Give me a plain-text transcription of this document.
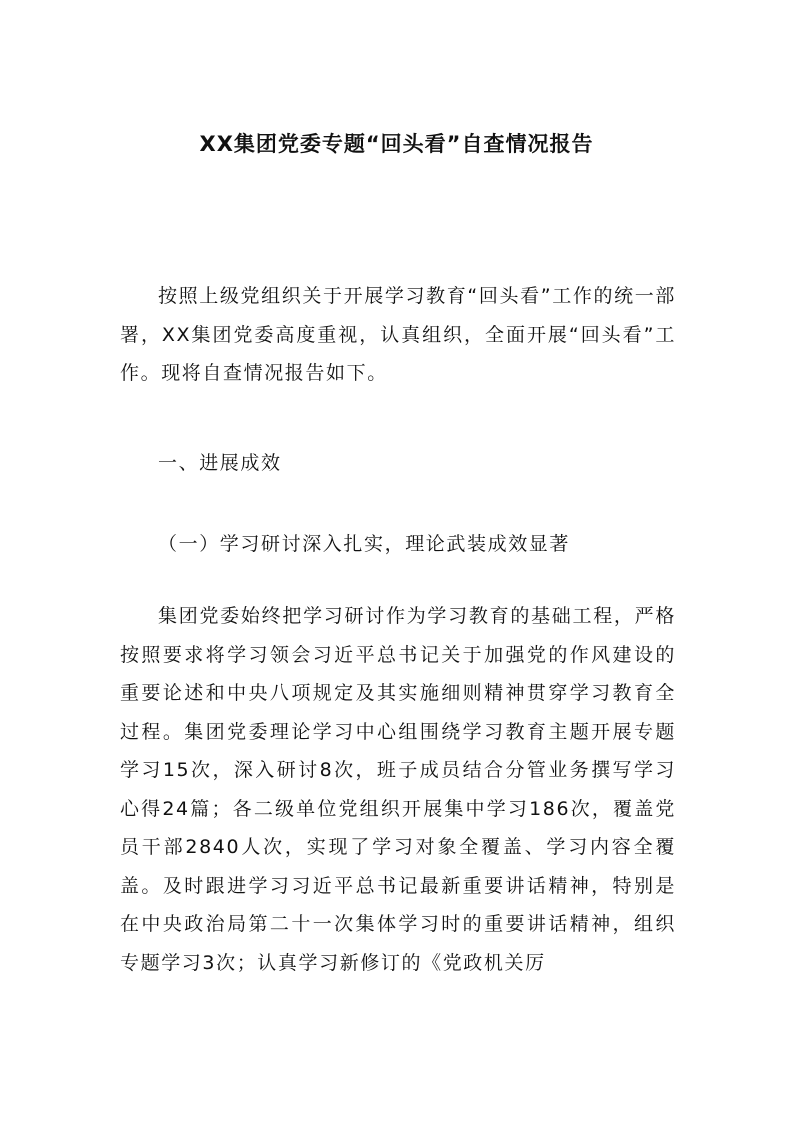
XX集团党委专题“回头看”自查情况报告
按照上级党组织关于开展学习教育“回头看”工作的统一部署，XX集团党委高度重视，认真组织，全面开展“回头看”工作。现将自查情况报告如下。
一、进展成效
（一）学习研讨深入扎实，理论武装成效显著
集团党委始终把学习研讨作为学习教育的基础工程，严格按照要求将学习领会习近平总书记关于加强党的作风建设的重要论述和中央八项规定及其实施细则精神贯穿学习教育全过程。集团党委理论学习中心组围绕学习教育主题开展专题学习15次，深入研讨8次，班子成员结合分管业务撰写学习心得24篇；各二级单位党组织开展集中学习186次，覆盖党员干部2840人次，实现了学习对象全覆盖、学习内容全覆盖。及时跟进学习习近平总书记最新重要讲话精神，特别是在中央政治局第二十一次集体学习时的重要讲话精神，组织专题学习3次；认真学习新修订的《党政机关厉
